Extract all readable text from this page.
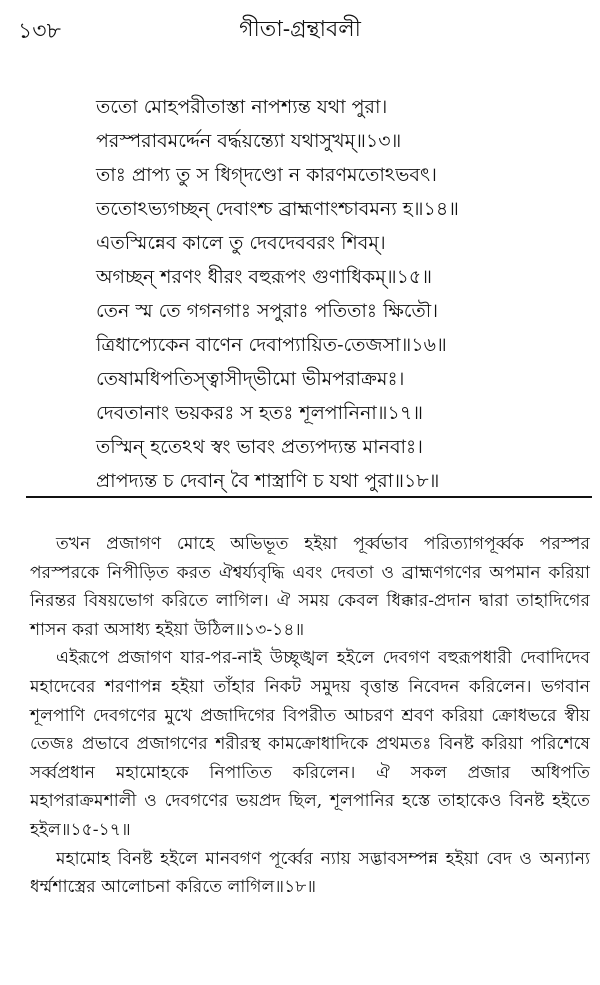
১৩৮	গীতা-গ্রন্থাবলী
ততো মোহপরীতাস্তা নাপশ্যন্ত যথা পুরা।
পরস্পরাবমর্দ্দেন বর্দ্ধয়ন্ত্যো যথাসুখম্॥১৩॥
তাঃ প্রাপ্য তু স ধিগ্‌দণ্ডো ন কারণমতোঽভবৎ।
ততোঽভ্যগচ্ছন্ দেবাংশ্চ ব্রাহ্মণাংশ্চাবমন্য হ॥১৪॥
এতস্মিন্নেব কালে তু দেবদেববরং শিবম্।
অগচ্ছন্ শরণং ধীরং বহুরূপং গুণাধিকম্॥১৫॥
তেন স্ম তে গগনগাঃ সপুরাঃ পতিতাঃ ক্ষিতৌ।
ত্রিধাপ্যেকেন বাণেন দেবাপ্যায়িত-তেজসা॥১৬॥
তেষামধিপতিস্ত্বাসীদ্‌ভীমো ভীমপরাক্রমঃ।
দেবতানাং ভয়করঃ স হতঃ শূলপানিনা॥১৭॥
তস্মিন্ হতেঽথ স্বং ভাবং প্রত্যপদ্যন্ত মানবাঃ।
প্রাপদ্যন্ত চ দেবান্ বৈ শাস্ত্রাণি চ যথা পুরা॥১৮॥

তখন প্রজাগণ মোহে অভিভূত হইয়া পূর্ব্বভাব পরিত্যাগপূর্ব্বক পরস্পর পরস্পরকে নিপীড়িত করত ঐশ্বর্য্যবৃদ্ধি এবং দেবতা ও ব্রাহ্মণগণের অপমান করিয়া নিরন্তর বিষয়ভোগ করিতে লাগিল। ঐ সময় কেবল ধিক্কার-প্রদান দ্বারা তাহাদিগের শাসন করা অসাধ্য হইয়া উঠিল॥১৩-১৪॥

এইরূপে প্রজাগণ যার-পর-নাই উচ্ছৃঙ্খল হইলে দেবগণ বহুরূপধারী দেবাদিদেব মহাদেবের শরণাপন্ন হইয়া তাঁহার নিকট সমুদয় বৃত্তান্ত নিবেদন করিলেন। ভগবান শূলপাণি দেবগণের মুখে প্রজাদিগের বিপরীত আচরণ শ্রবণ করিয়া ক্রোধভরে স্বীয় তেজঃ প্রভাবে প্রজাগণের শরীরস্থ কামক্রোধাদিকে প্রথমতঃ বিনষ্ট করিয়া পরিশেষে সর্ব্বপ্রধান মহামোহকে নিপাতিত করিলেন। ঐ সকল প্রজার অধিপতি মহাপরাক্রমশালী ও দেবগণের ভয়প্রদ ছিল, শূলপানির হস্তে তাহাকেও বিনষ্ট হইতে হইল॥১৫-১৭॥

মহামোহ বিনষ্ট হইলে মানবগণ পূর্ব্বের ন্যায় সদ্ভাবসম্পন্ন হইয়া বেদ ও অন্যান্য ধর্ম্মশাস্ত্রের আলোচনা করিতে লাগিল॥১৮॥
